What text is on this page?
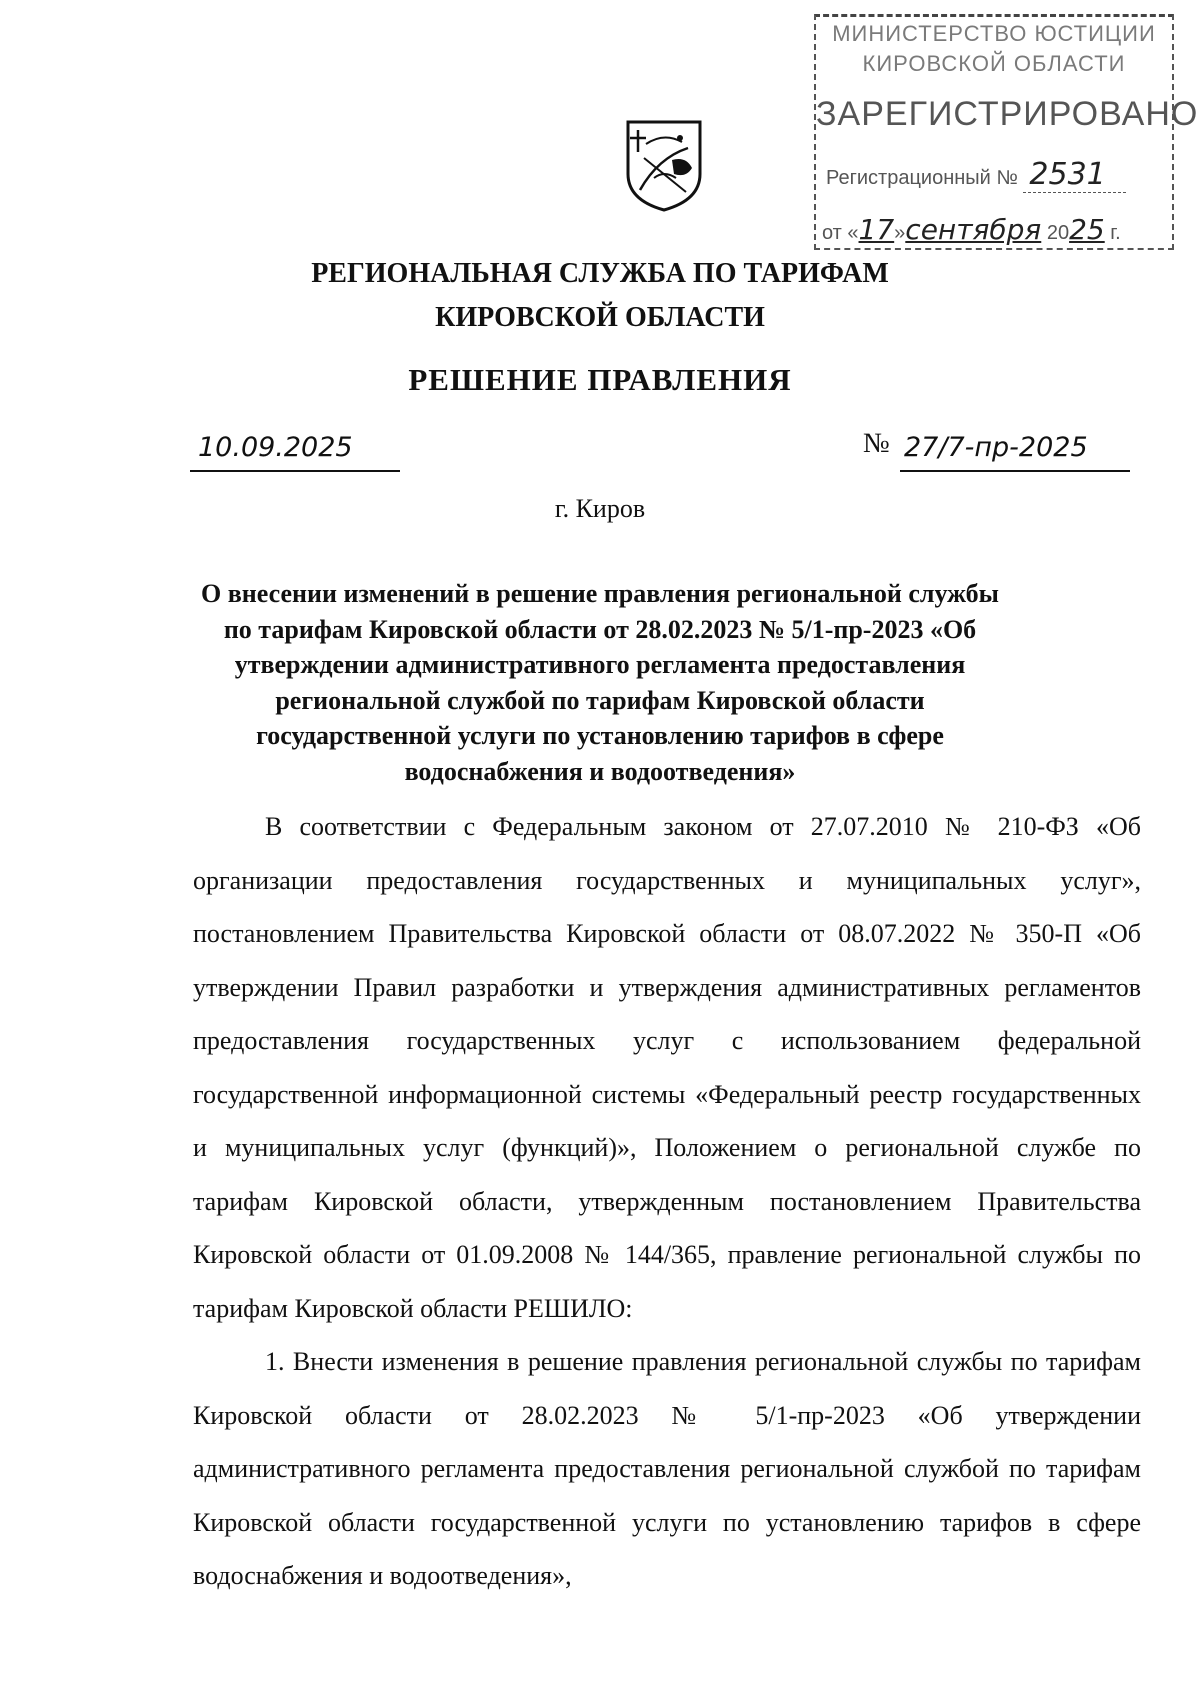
МИНИСТЕРСТВО ЮСТИЦИИ
КИРОВСКОЙ ОБЛАСТИ
ЗАРЕГИСТРИРОВАНО
Регистрационный № 2531
от «17»сентября 2025 г.
РЕГИОНАЛЬНАЯ СЛУЖБА ПО ТАРИФАМ
КИРОВСКОЙ ОБЛАСТИ
РЕШЕНИЕ ПРАВЛЕНИЯ
10.09.2025	№ 27/7-пр-2025
г. Киров
О внесении изменений в решение правления региональной службы по тарифам Кировской области от 28.02.2023 № 5/1-пр-2023 «Об утверждении административного регламента предоставления региональной службой по тарифам Кировской области государственной услуги по установлению тарифов в сфере водоснабжения и водоотведения»

В соответствии с Федеральным законом от 27.07.2010 № 210-ФЗ «Об организации предоставления государственных и муниципальных услуг», постановлением Правительства Кировской области от 08.07.2022 № 350-П «Об утверждении Правил разработки и утверждения административных регламентов предоставления государственных услуг с использованием федеральной государственной информационной системы «Федеральный реестр государственных и муниципальных услуг (функций)», Положением о региональной службе по тарифам Кировской области, утвержденным постановлением Правительства Кировской области от 01.09.2008 № 144/365, правление региональной службы по тарифам Кировской области РЕШИЛО:

1. Внести изменения в решение правления региональной службы по тарифам Кировской области от 28.02.2023 № 5/1-пр-2023 «Об утверждении административного регламента предоставления региональной службой по тарифам Кировской области государственной услуги по установлению тарифов в сфере водоснабжения и водоотведения»,
